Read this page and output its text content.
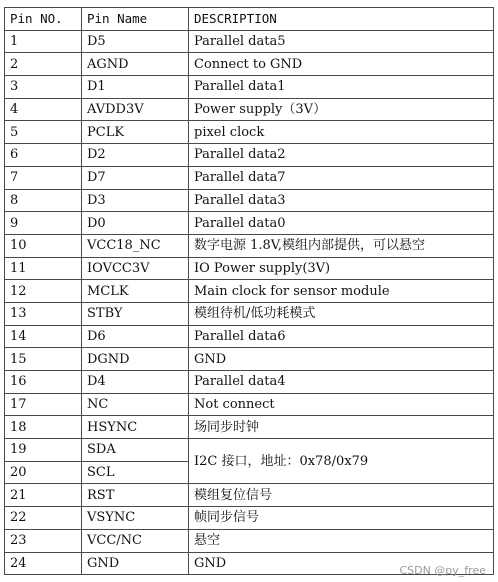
Pin NO.	Pin Name	DESCRIPTION
1	D5	Parallel data5
2	AGND	Connect to GND
3	D1	Parallel data1
4	AVDD3V	Power supply（3V）
5	PCLK	pixel clock
6	D2	Parallel data2
7	D7	Parallel data7
8	D3	Parallel data3
9	D0	Parallel data0
10	VCC18_NC	数字电源 1.8V,模组内部提供，可以悬空
11	IOVCC3V	IO Power supply(3V)
12	MCLK	Main clock for sensor module
13	STBY	模组待机/低功耗模式
14	D6	Parallel data6
15	DGND	GND
16	D4	Parallel data4
17	NC	Not connect
18	HSYNC	场同步时钟
19	SDA	I2C 接口，地址：0x78/0x79
20	SCL	
21	RST	模组复位信号
22	VSYNC	帧同步信号
23	VCC/NC	悬空
24	GND	GND	CSDN @py_free
